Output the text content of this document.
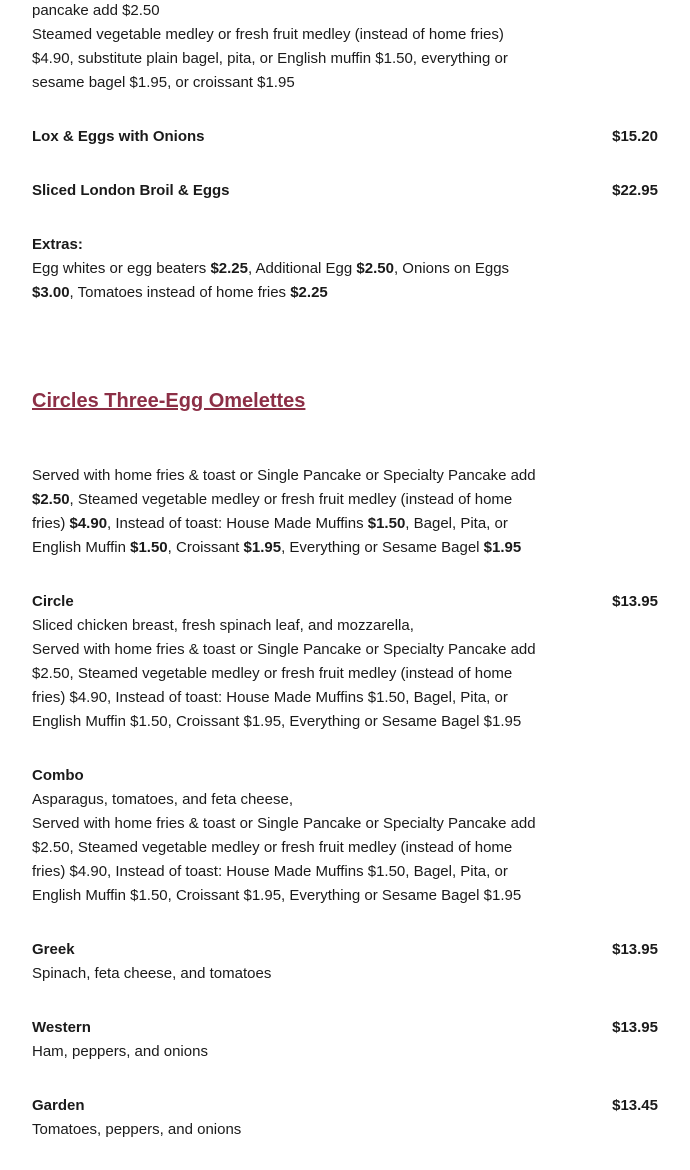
pancake add $2.50
Steamed vegetable medley or fresh fruit medley (instead of home fries)
$4.90, substitute plain bagel, pita, or English muffin $1.50, everything or
sesame bagel $1.95, or croissant $1.95
Lox & Eggs with Onions	$15.20
Sliced London Broil & Eggs	$22.95
Extras:
Egg whites or egg beaters $2.25, Additional Egg $2.50, Onions on Eggs
$3.00, Tomatoes instead of home fries $2.25
Circles Three-Egg Omelettes
Served with home fries & toast or Single Pancake or Specialty Pancake add
$2.50, Steamed vegetable medley or fresh fruit medley (instead of home
fries) $4.90, Instead of toast: House Made Muffins $1.50, Bagel, Pita, or
English Muffin $1.50, Croissant $1.95, Everything or Sesame Bagel $1.95
Circle	$13.95
Sliced chicken breast, fresh spinach leaf, and mozzarella,
Served with home fries & toast or Single Pancake or Specialty Pancake add
$2.50, Steamed vegetable medley or fresh fruit medley (instead of home
fries) $4.90, Instead of toast: House Made Muffins $1.50, Bagel, Pita, or
English Muffin $1.50, Croissant $1.95, Everything or Sesame Bagel $1.95
Combo
Asparagus, tomatoes, and feta cheese,
Served with home fries & toast or Single Pancake or Specialty Pancake add
$2.50, Steamed vegetable medley or fresh fruit medley (instead of home
fries) $4.90, Instead of toast: House Made Muffins $1.50, Bagel, Pita, or
English Muffin $1.50, Croissant $1.95, Everything or Sesame Bagel $1.95
Greek	$13.95
Spinach, feta cheese, and tomatoes
Western	$13.95
Ham, peppers, and onions
Garden	$13.45
Tomatoes, peppers, and onions
